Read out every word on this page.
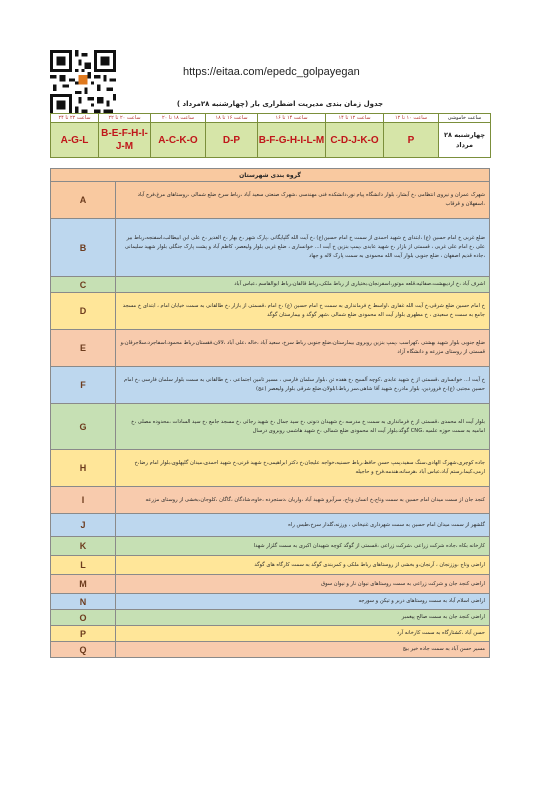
https://eitaa.com/epedc_golpayegan
جدول زمان بندی مدیریت اضطراری بار (چهارشنبه ۲۸مرداد )
ساعت خاموشی	ساعت ۱۰ تا ۱۲	ساعت ۱۲ تا ۱۴	ساعت ۱۴ تا ۱۶	ساعت ۱۶ تا ۱۸	ساعت ۱۸ تا ۲۰	ساعت ۲۰ تا ۲۲	ساعت ۲۲ تا ۲۴
چهارشنبه ۲۸ مرداد	P	C-D-J-K-O	B-F-G-H-I-L-M	D-P	A-C-K-O	B-E-F-H-I-J-M	A-G-L
گروه بندی شهرستان	
شهرک عمران و نیروی انتظامی ،خ آبشار، بلوار دانشگاه پیام نور،دانشکده فنی مهندسی ،شهرک صنعتی سعید آباد ،رباط سرخ ضلع شمالی ،روستاهای مرغ،فرج آباد ،اسفهلان و قرقاب	A
ضلع غربی خ امام حسین (ع) ،ابتدای خ شهید احمدی از سمت خ امام حسین(ع) ،خ آیت الله گلپایگانی ،پارک شهر ،خ بهار ،خ الغدیر ،خ علی ابن ابیطالب،اسفنجه،رباط بیر علی ،خ امام علی غربی ، قسمتی از بازار ،خ شهید عابدی ،پمپ بنزین خ آیت ا... خوانساری ، ضلع غربی بلوار ولیعصر، کاظم آباد و پشت پارک جنگلی بلوار شهید سلیمانی ،جاده قدیم اصفهان ، ضلع جنوبی بلوار آیت الله محمودی به سمت پارک لاله و جهاد	B
اشرف آباد ،خ اردیبهشت،صفائیه،قلعه موتور،اسفرنجان،بختیاری از رباط ملکی،رباط قالقان،رباط ابوالقاسم ،عباس آباد	C
خ امام حسین ضلع شرقی،خ آیت الله غفاری ،اواسط خ فرمانداری به سمت خ امام حسین (ع) ،خ امام ،قسمتی از بازار ،خ طالقانی به سمت خیابان امام ، ابتدای خ مسجد جامع به سمت خ سعیدی ، خ مطهری بلوار آیت اله محمودی ضلع شمالی ،شهر گوگد و بیمارستان گوگد	D
ضلع جنوبی بلوار شهید بهشتی ،کهراسب ،پمپ بنزین روبروی بیمارستان،ضلع جنوبی رباط سرخ، سعید آباد ،خاله ،علی آباد ،لالان،فقستان،رباط محمود،اسفاجرد،سلاجرقان،و قسمتی از روستای مزرعه و دانشگاه آزاد	E
خ آیت ا... خوانساری ،قسمتی از خ شهید عابدی ،کوچه آلسیح ،خ هفده تن ،بلوار سلمان فارسی ، مسیر تامین اجتماعی ، خ طالقانی به سمت بلوار سلمان فارسی ،خ امام حسین مجتبی (ع)،خ فروردین، بلوار مادر،خ شهید آقا شاهی،سر رباط،ابلولان،ضلع شرقی بلوار ولیعصر (عج)	F
بلوار آیت اله محمدی ،قسمتی از خ فرمانداری به سمت خ مدرسه ،خ شهیدان ذنونی ،خ سید جمال ،خ شهید رجائی ،خ مسجد جامع ،خ سید السادات ،محدوده مصلی ،خ امامیه به سمت حوزه علمیه ،CNG گوگد،بلوار آیت اله محمودی ضلع شمالی ،خ شهید هاشمی روبروی درسال	G
جاده کوچری،شهرک الهادی،سنگ سفید،پمپ حسن حافظ،رباط حسنیه،خواجه علیجان،خ دکتر ابراهیمی،خ شهید قرنی،خ شهید احمدی،میدان گلپهلوی،بلوار امام رضا،خ ارمی،کیما،رستم آباد،عباس آباد ،هرسانه،هندمه،فرخ و حاجیله	H
کنجد جان از سمت میدان امام حسین به سمت وناج،خ انسان وناج، سرآبرو شهید آباد ،واریان ،دستجرده ،خاوه،شادگان ،گاگان ،کلوجان،بخشی از روستای مزرعه	I
گلشهر از سمت میدان امام حسین به سمت شهرداری غنیخانی ، ورزنه،گلدار سرخ،طبس راه	J
کارخانه بکاه ،جاده شرکت زراعی ،شرکت زراعی ،قسمتی از گوگد کوچه شهیدان اکبری به سمت گلزار شهدا	K
اراضی وناج ،وززنجان ، آرنجان،و بخشی از روستاهای رباط ملکی و کمربندی گوگد به سمت کارگاه های گوگد	L
اراضی کنجد جان و شرکت زراعی به سمت روستاهای نیوان نار و نیوان سوق	M
اراضی اسلام آباد به سمت روستاهای دربر و تیکن و سورجه	N
اراضی کنجد جان به سمت صالح پیغمبر	O
حسن آباد ،کشتارگاه به سمت کارخانه آرد	P
مسیر حسن آباد به سمت جاده خیر بیج	Q
